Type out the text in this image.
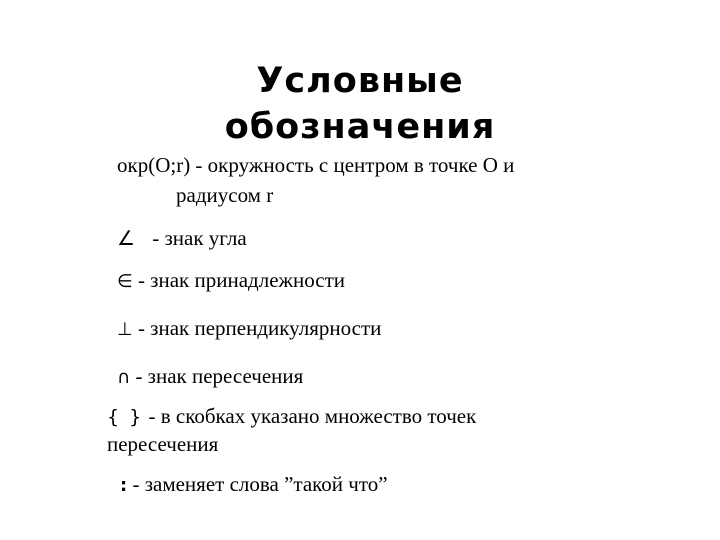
Условные
обозначения
окр(О;r) - окружность с центром в точке О и
радиусом r
∠ - знак угла
∈ - знак принадлежности
⊥ - знак перпендикулярности
∩ - знак пересечения
{ } - в скобках указано множество точек
пересечения
: - заменяет слова ”такой что”
